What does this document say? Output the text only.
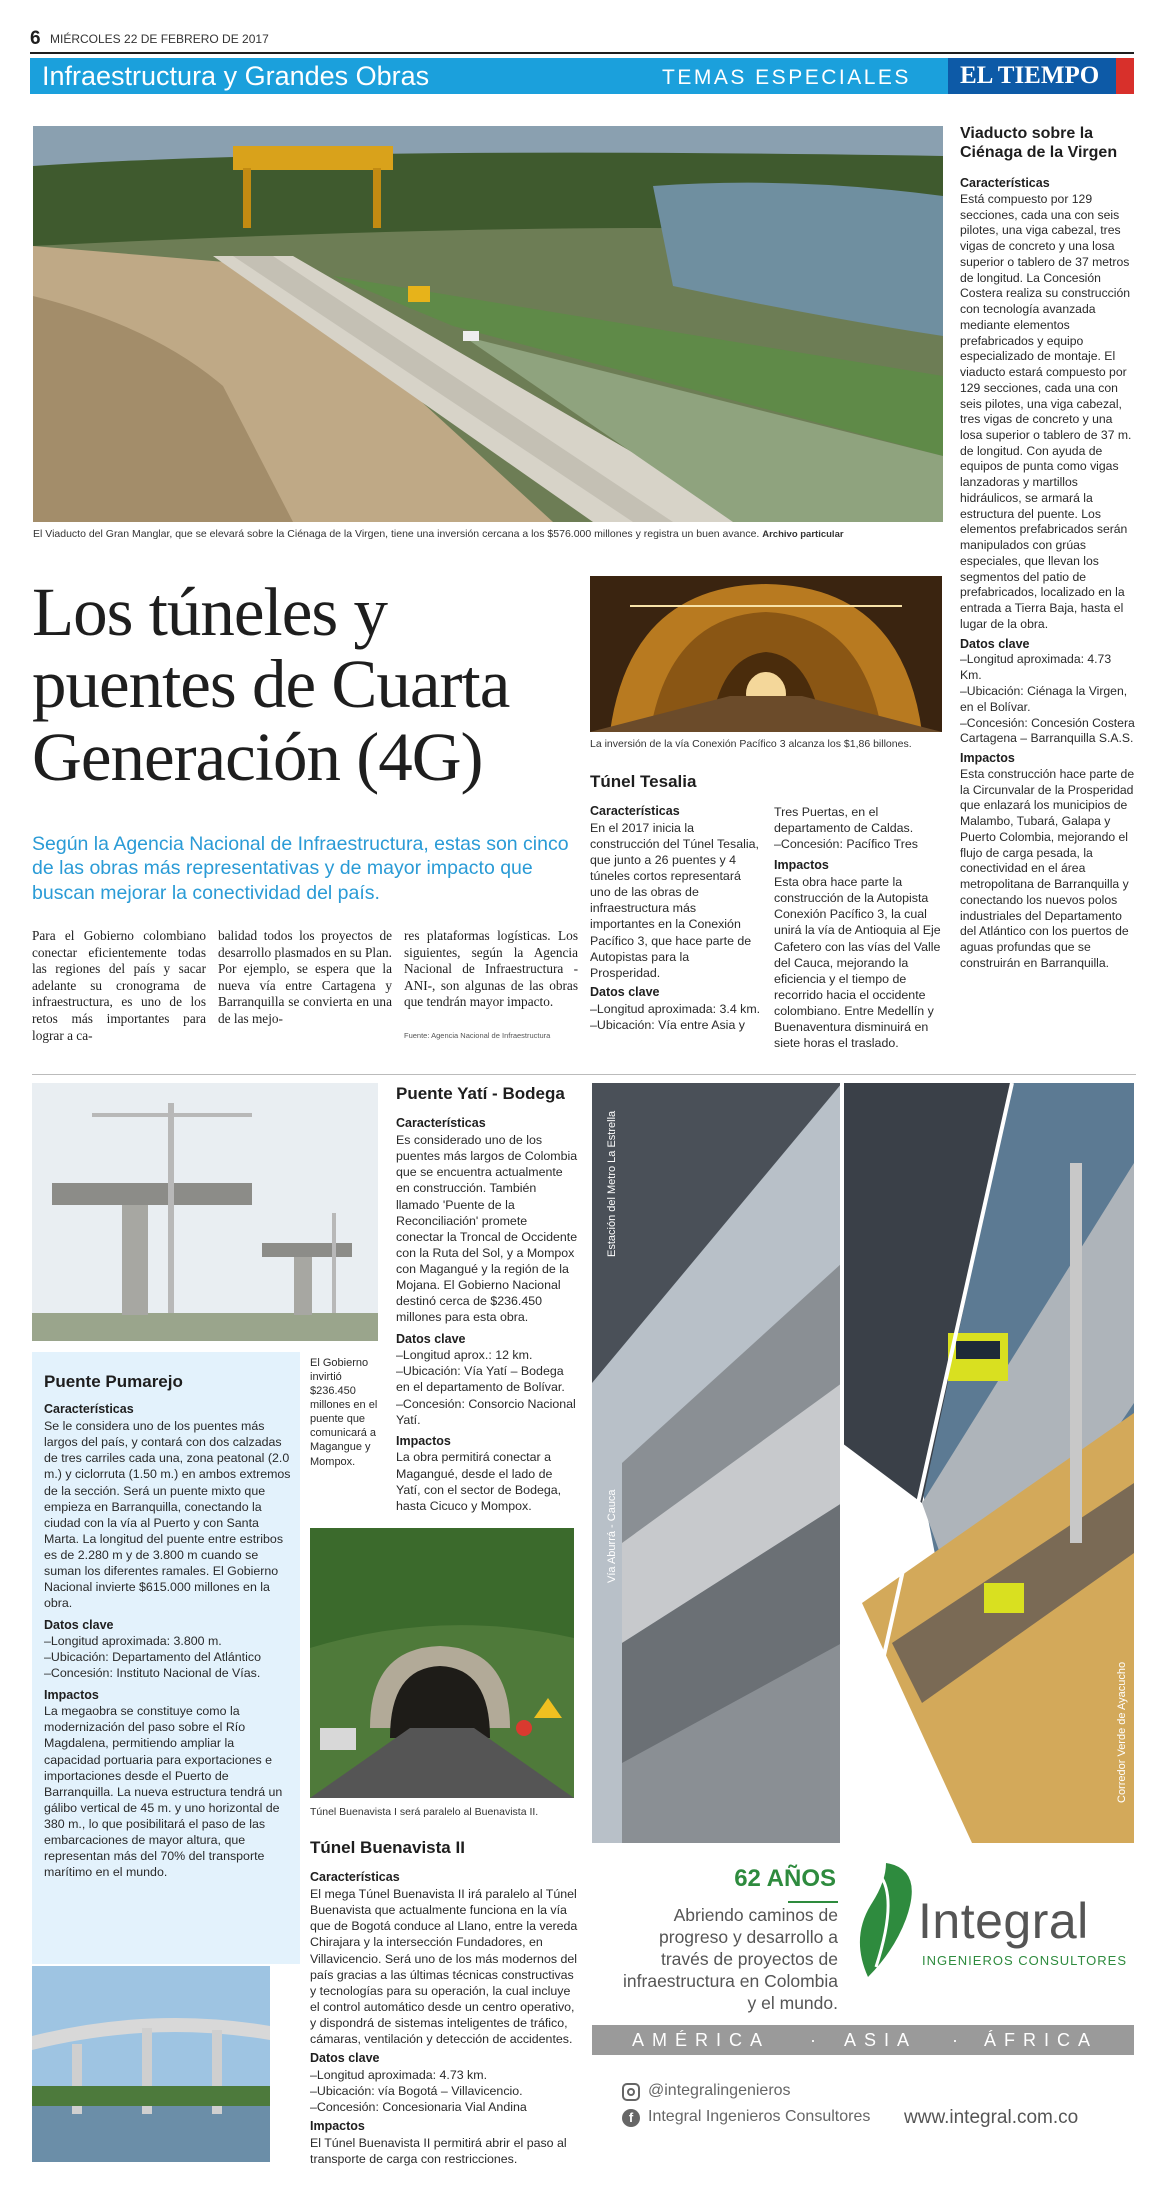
6 MIÉRCOLES 22 DE FEBRERO DE 2017
Infraestructura y Grandes Obras	TEMAS ESPECIALES EL TIEMPO
El Viaducto del Gran Manglar, que se elevará sobre la Ciénaga de la Virgen, tiene una inversión cercana a los $576.000 millones y registra un buen avance. Archivo particular
Los túneles y puentes de Cuarta Generación (4G)
Según la Agencia Nacional de Infraestructura, estas son cinco de las obras más representativas y de mayor impacto que buscan mejorar la conectividad del país.
Para el Gobierno colombiano conectar eficientemente todas las regiones del país y sacar adelante su cronograma de infraestructura, es uno de los retos más importantes para lograr a ca-
balidad todos los proyectos de desarrollo plasmados en su Plan. Por ejemplo, se espera que la nueva vía entre Cartagena y Barranquilla se convierta en una de las mejo-
res plataformas logísticas. Los siguientes, según la Agencia Nacional de Infraestructura -ANI-, son algunas de las obras que tendrán mayor impacto.
Fuente: Agencia Nacional de Infraestructura
La inversión de la vía Conexión Pacífico 3 alcanza los $1,86 billones.
Túnel Tesalia
Características
En el 2017 inicia la construcción del Túnel Tesalia, que junto a 26 puentes y 4 túneles cortos representará uno de las obras de infraestructura más importantes en la Conexión Pacífico 3, que hace parte de Autopistas para la Prosperidad.
Datos clave
–Longitud aproximada: 3.4 km.
–Ubicación: Vía entre Asia y
Tres Puertas, en el departamento de Caldas.
–Concesión: Pacífico Tres
Impactos
Esta obra hace parte la construcción de la Autopista Conexión Pacífico 3, la cual unirá la vía de Antioquia al Eje Cafetero con las vías del Valle del Cauca, mejorando la eficiencia y el tiempo de recorrido hacia el occidente colombiano. Entre Medellín y Buenaventura disminuirá en siete horas el traslado.
Viaducto sobre la Ciénaga de la Virgen
Características
Está compuesto por 129 secciones, cada una con seis pilotes, una viga cabezal, tres vigas de concreto y una losa superior o tablero de 37 metros de longitud. La Concesión Costera realiza su construcción con tecnología avanzada mediante elementos prefabricados y equipo especializado de montaje. El viaducto estará compuesto por 129 secciones, cada una con seis pilotes, una viga cabezal, tres vigas de concreto y una losa superior o tablero de 37 m. de longitud. Con ayuda de equipos de punta como vigas lanzadoras y martillos hidráulicos, se armará la estructura del puente. Los elementos prefabricados serán manipulados con grúas especiales, que llevan los segmentos del patio de prefabricados, localizado en la entrada a Tierra Baja, hasta el lugar de la obra.
Datos clave
–Longitud aproximada: 4.73 Km.
–Ubicación: Ciénaga la Virgen, en el Bolívar.
–Concesión: Concesión Costera Cartagena – Barranquilla S.A.S.
Impactos
Esta construcción hace parte de la Circunvalar de la Prosperidad que enlazará los municipios de Malambo, Tubará, Galapa y Puerto Colombia, mejorando el flujo de carga pesada, la conectividad en el área metropolitana de Barranquilla y conectando los nuevos polos industriales del Departamento del Atlántico con los puertos de aguas profundas que se construirán en Barranquilla.
Puente Yatí - Bodega
Características
Es considerado uno de los puentes más largos de Colombia que se encuentra actualmente en construcción. También llamado 'Puente de la Reconciliación' promete conectar la Troncal de Occidente con la Ruta del Sol, y a Mompox con Magangué y la región de la Mojana. El Gobierno Nacional destinó cerca de $236.450 millones para esta obra.
Datos clave
–Longitud aprox.: 12 km.
–Ubicación: Vía Yatí – Bodega en el departamento de Bolívar.
–Concesión: Consorcio Nacional Yatí.
Impactos
La obra permitirá conectar a Magangué, desde el lado de Yatí, con el sector de Bodega, hasta Cicuco y Mompox.
El Gobierno invirtió $236.450 millones en el puente que comunicará a Magangue y Mompox.
Puente Pumarejo
Características
Se le considera uno de los puentes más largos del país, y contará con dos calzadas de tres carriles cada una, zona peatonal (2.0 m.) y ciclorruta (1.50 m.) en ambos extremos de la sección. Será un puente mixto que empieza en Barranquilla, conectando la ciudad con la vía al Puerto y con Santa Marta. La longitud del puente entre estribos es de 2.280 m y de 3.800 m cuando se suman los diferentes ramales. El Gobierno Nacional invierte $615.000 millones en la obra.
Datos clave
–Longitud aproximada: 3.800 m.
–Ubicación: Departamento del Atlántico
–Concesión: Instituto Nacional de Vías.
Impactos
La megaobra se constituye como la modernización del paso sobre el Río Magdalena, permitiendo ampliar la capacidad portuaria para exportaciones e importaciones desde el Puerto de Barranquilla. La nueva estructura tendrá un gálibo vertical de 45 m. y uno horizontal de 380 m., lo que posibilitará el paso de las embarcaciones de mayor altura, que representan más del 70% del transporte marítimo en el mundo.
Túnel Buenavista I será paralelo al Buenavista II.
Túnel Buenavista II
Características
El mega Túnel Buenavista II irá paralelo al Túnel Buenavista que actualmente funciona en la vía que de Bogotá conduce al Llano, entre la vereda Chirajara y la intersección Fundadores, en Villavicencio. Será uno de los más modernos del país gracias a las últimas técnicas constructivas y tecnologías para su operación, la cual incluye el control automático desde un centro operativo, y dispondrá de sistemas inteligentes de tráfico, cámaras, ventilación y detección de accidentes.
Datos clave
–Longitud aproximada: 4.73 km.
–Ubicación: vía Bogotá – Villavicencio.
–Concesión: Concesionaria Vial Andina
Impactos
El Túnel Buenavista II permitirá abrir el paso al transporte de carga con restricciones.
Estación del Metro La Estrella
Vía Aburrá - Cauca
Corredor Verde de Ayacucho
62 AÑOS
Abriendo caminos de progreso y desarrollo a través de proyectos de infraestructura en Colombia y el mundo.
Integral
INGENIEROS CONSULTORES
AMÉRICA · ASIA · ÁFRICA
@integralingenieros
f Integral Ingenieros Consultores www.integral.com.co
